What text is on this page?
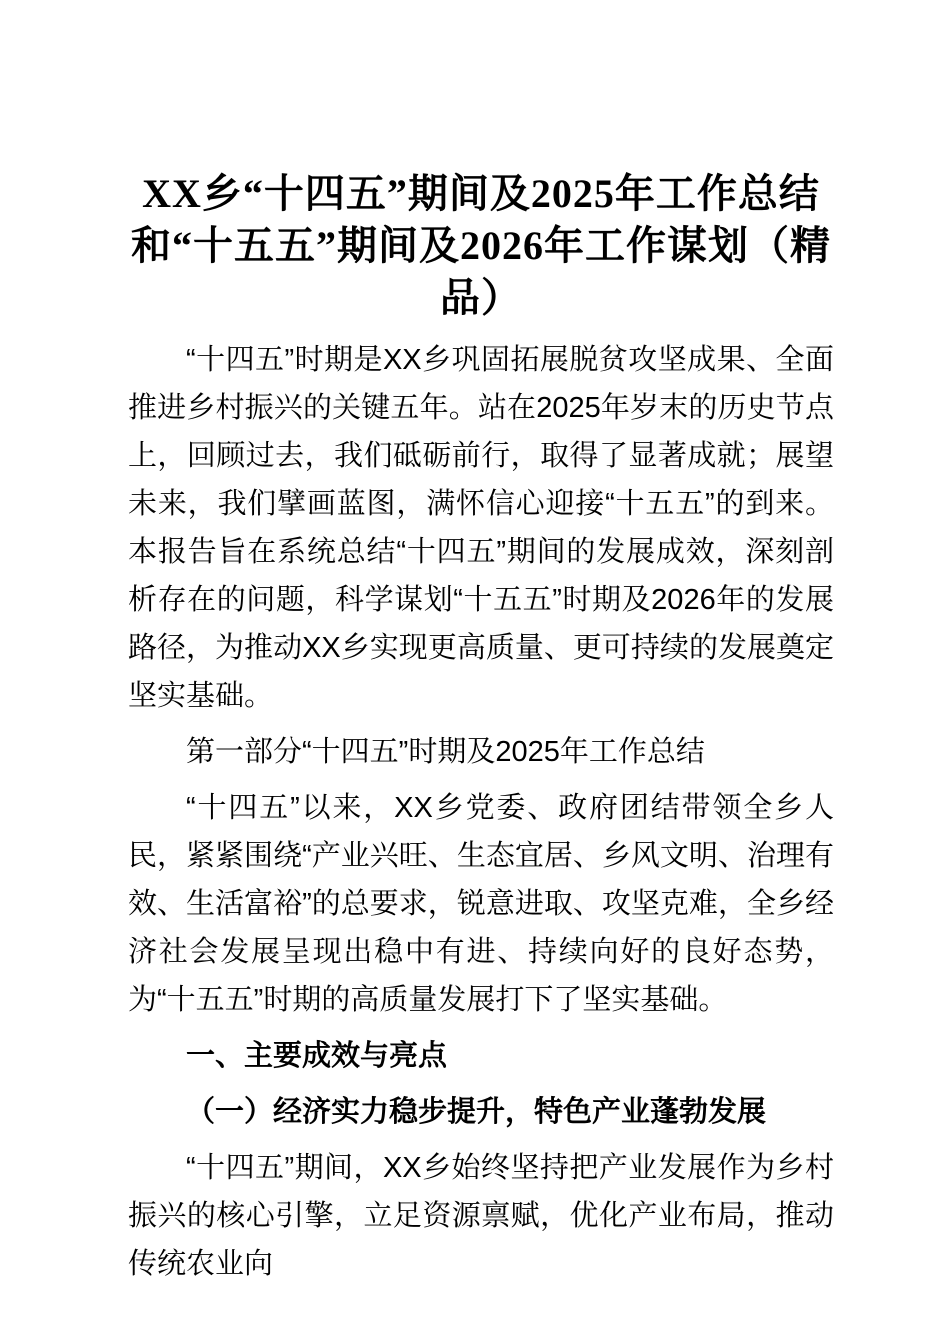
XX乡“十四五”期间及2025年工作总结和“十五五”期间及2026年工作谋划（精品）

“十四五”时期是XX乡巩固拓展脱贫攻坚成果、全面推进乡村振兴的关键五年。站在2025年岁末的历史节点上，回顾过去，我们砥砺前行，取得了显著成就；展望未来，我们擘画蓝图，满怀信心迎接“十五五”的到来。本报告旨在系统总结“十四五”期间的发展成效，深刻剖析存在的问题，科学谋划“十五五”时期及2026年的发展路径，为推动XX乡实现更高质量、更可持续的发展奠定坚实基础。

第一部分“十四五”时期及2025年工作总结

“十四五”以来，XX乡党委、政府团结带领全乡人民，紧紧围绕“产业兴旺、生态宜居、乡风文明、治理有效、生活富裕”的总要求，锐意进取、攻坚克难，全乡经济社会发展呈现出稳中有进、持续向好的良好态势，为“十五五”时期的高质量发展打下了坚实基础。

一、主要成效与亮点

（一）经济实力稳步提升，特色产业蓬勃发展

“十四五”期间，XX乡始终坚持把产业发展作为乡村振兴的核心引擎，立足资源禀赋，优化产业布局，推动传统农业向
